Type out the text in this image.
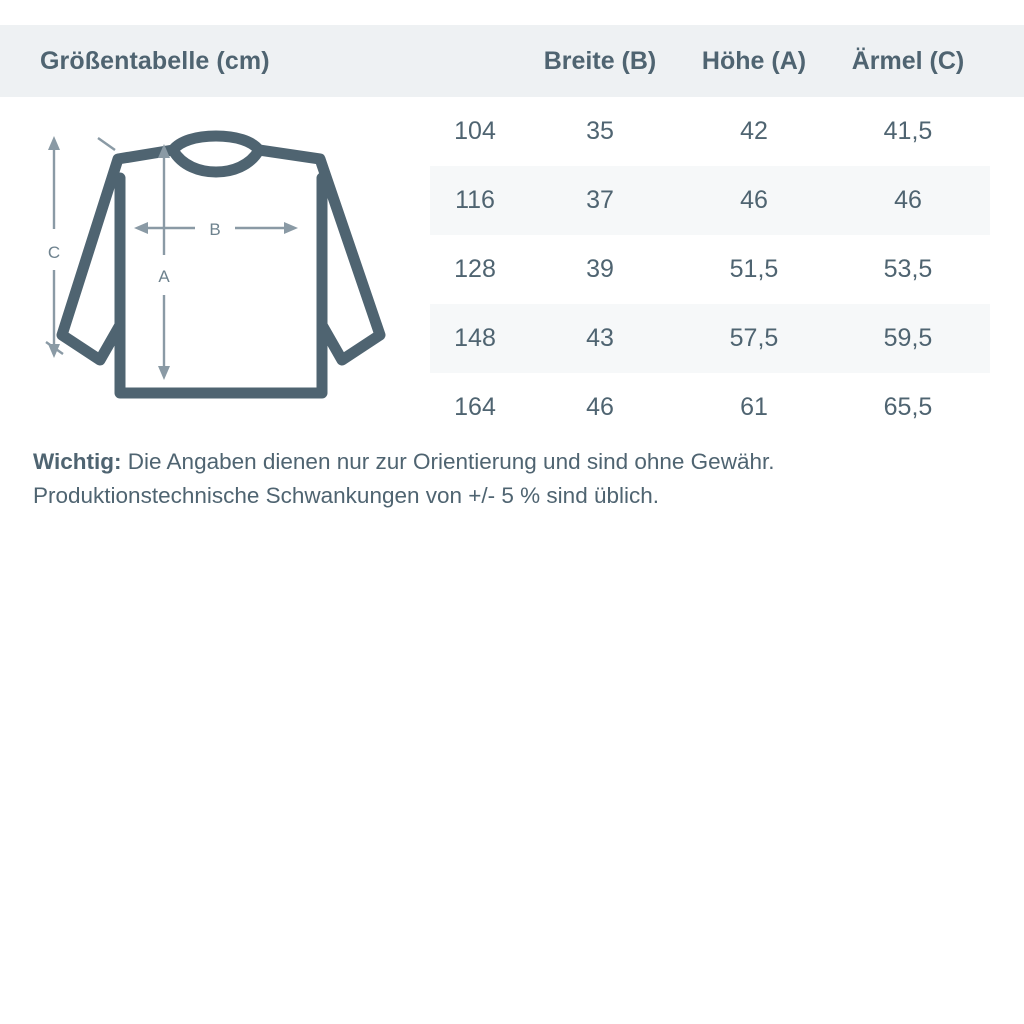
Größentabelle (cm)	Breite (B)	Höhe (A)	Ärmel (C)
C
B
A
104	35	42	41,5
116	37	46	46
128	39	51,5	53,5
148	43	57,5	59,5
164	46	61	65,5
Wichtig: Die Angaben dienen nur zur Orientierung und sind ohne Gewähr.
Produktionstechnische Schwankungen von +/- 5 % sind üblich.
